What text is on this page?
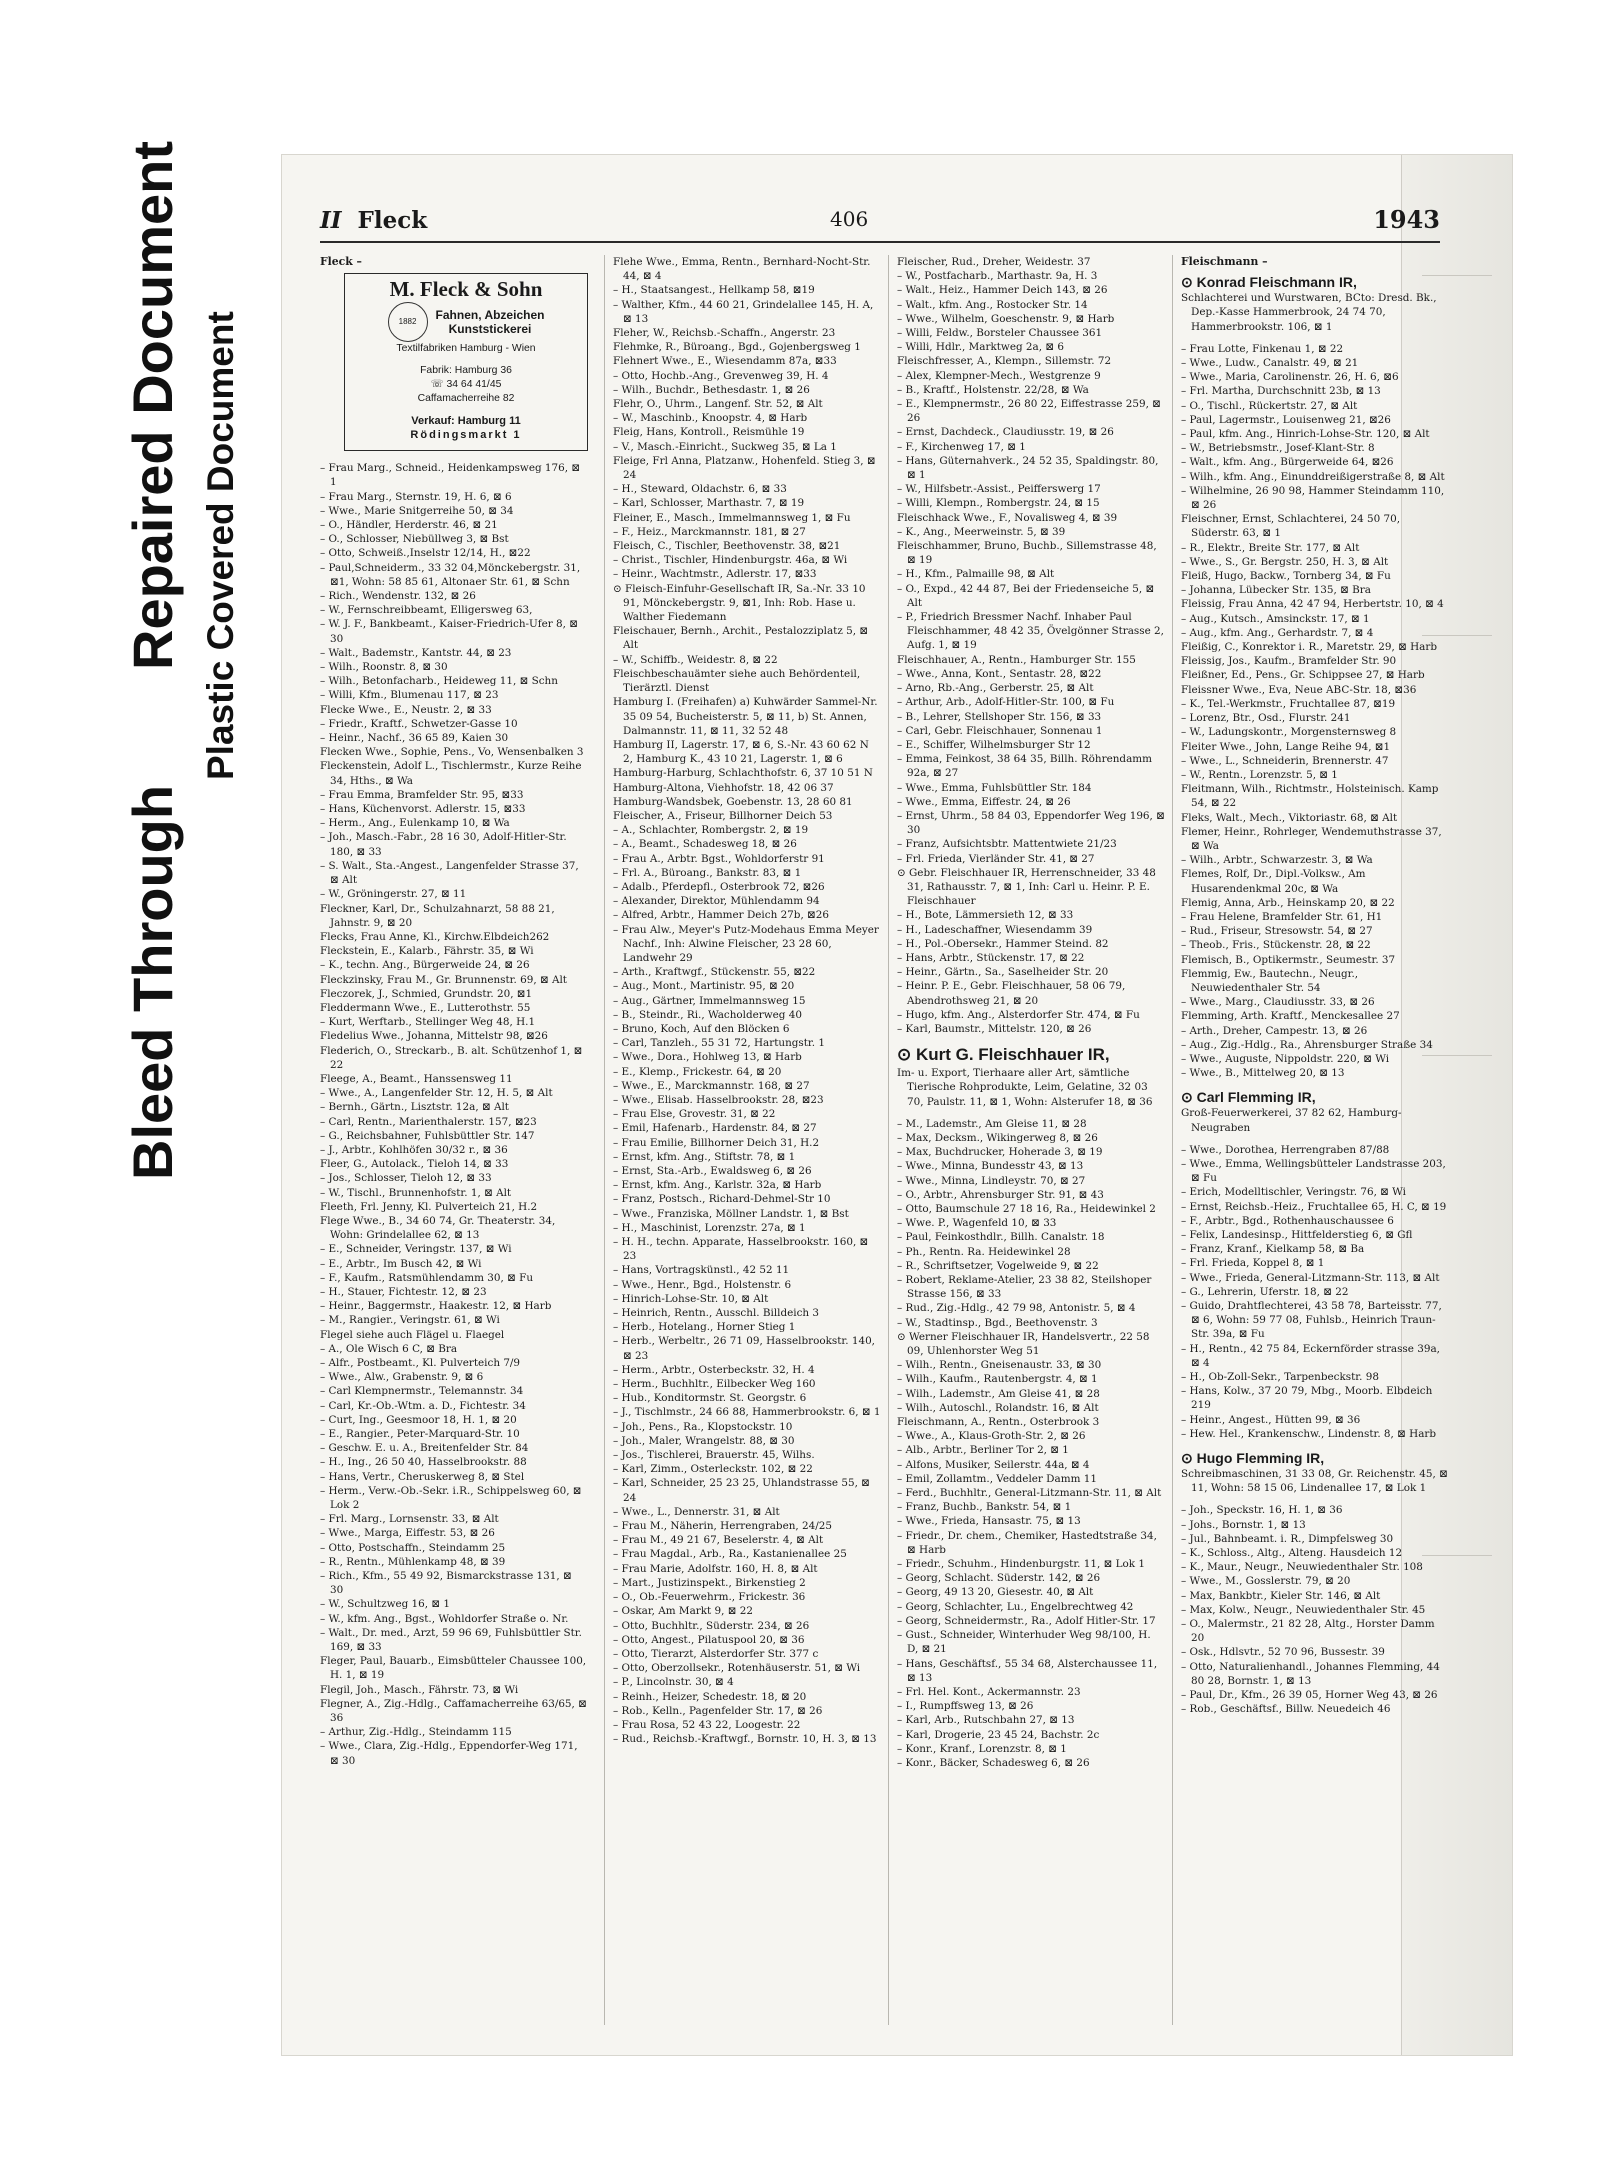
Bleed Through
Repaired Document Plastic Covered Document
II Fleck	406	1943
Fleck –
M. Fleck & Sohn
1882 Fahnen, Abzeichen
Kunststickerei
Textilfabriken Hamburg - Wien
Fabrik: Hamburg 36
☏ 34 64 41/45
Caffamacherreihe 82
Verkauf: Hamburg 11
Rödingsmarkt 1

– Frau Marg., Schneid., Heidenkampsweg 176, ⊠ 1

– Frau Marg., Sternstr. 19, H. 6, ⊠ 6

– Wwe., Marie Snitgerreihe 50, ⊠ 34

– O., Händler, Herderstr. 46, ⊠ 21

– O., Schlosser, Niebüllweg 3, ⊠ Bst

– Otto, Schweiß.,Inselstr 12/14, H., ⊠22

– Paul,Schneiderm., 33 32 04,Mönckebergstr. 31, ⊠1, Wohn: 58 85 61, Altonaer Str. 61, ⊠ Schn

– Rich., Wendenstr. 132, ⊠ 26

– W., Fernschreibbeamt, Elligersweg 63,

– W. J. F., Bankbeamt., Kaiser-Friedrich-Ufer 8, ⊠ 30

– Walt., Bademstr., Kantstr. 44, ⊠ 23

– Wilh., Roonstr. 8, ⊠ 30

– Wilh., Betonfacharb., Heideweg 11, ⊠ Schn

– Willi, Kfm., Blumenau 117, ⊠ 23

Flecke Wwe., E., Neustr. 2, ⊠ 33

– Friedr., Kraftf., Schwetzer-Gasse 10

– Heinr., Nachf., 36 65 89, Kaien 30

Flecken Wwe., Sophie, Pens., Vo, Wensenbalken 3

Fleckenstein, Adolf L., Tischlermstr., Kurze Reihe 34, Hths., ⊠ Wa

– Frau Emma, Bramfelder Str. 95, ⊠33

– Hans, Küchenvorst. Adlerstr. 15, ⊠33

– Herm., Ang., Eulenkamp 10, ⊠ Wa

– Joh., Masch.-Fabr., 28 16 30, Adolf-Hitler-Str. 180, ⊠ 33

– S. Walt., Sta.-Angest., Langenfelder Strasse 37, ⊠ Alt

– W., Gröningerstr. 27, ⊠ 11

Fleckner, Karl, Dr., Schulzahnarzt, 58 88 21, Jahnstr. 9, ⊠ 20

Flecks, Frau Anne, Kl., Kirchw.Elbdeich262

Fleckstein, E., Kalarb., Fährstr. 35, ⊠ Wi

– K., techn. Ang., Bürgerweide 24, ⊠ 26

Fleckzinsky, Frau M., Gr. Brunnenstr. 69, ⊠ Alt

Fleczorek, J., Schmied, Grundstr. 20, ⊠1

Fleddermann Wwe., E., Lutterothstr. 55

– Kurt, Werftarb., Stellinger Weg 48, H.1

Fledelius Wwe., Johanna, Mittelstr 98, ⊠26

Flederich, O., Streckarb., B. alt. Schützenhof 1, ⊠ 22

Fleege, A., Beamt., Hanssensweg 11

– Wwe., A., Langenfelder Str. 12, H. 5, ⊠ Alt

– Bernh., Gärtn., Lisztstr. 12a, ⊠ Alt

– Carl, Rentn., Marienthalerstr. 157, ⊠23

– G., Reichsbahner, Fuhlsbüttler Str. 147

– J., Arbtr., Kohlhöfen 30/32 r., ⊠ 36

Fleer, G., Autolack., Tieloh 14, ⊠ 33

– Jos., Schlosser, Tieloh 12, ⊠ 33

– W., Tischl., Brunnenhofstr. 1, ⊠ Alt

Fleeth, Frl. Jenny, Kl. Pulverteich 21, H.2

Flege Wwe., B., 34 60 74, Gr. Theaterstr. 34, Wohn: Grindelallee 62, ⊠ 13

– E., Schneider, Veringstr. 137, ⊠ Wi

– E., Arbtr., Im Busch 42, ⊠ Wi

– F., Kaufm., Ratsmühlendamm 30, ⊠ Fu

– H., Stauer, Fichtestr. 12, ⊠ 23

– Heinr., Baggermstr., Haakestr. 12, ⊠ Harb

– M., Rangier., Veringstr. 61, ⊠ Wi

Flegel siehe auch Flägel u. Flaegel

– A., Ole Wisch 6 C, ⊠ Bra

– Alfr., Postbeamt., Kl. Pulverteich 7/9

– Wwe., Alw., Grabenstr. 9, ⊠ 6

– Carl Klempnermstr., Telemannstr. 34

– Carl, Kr.-Ob.-Wtm. a. D., Fichtestr. 34

– Curt, Ing., Geesmoor 18, H. 1, ⊠ 20

– E., Rangier., Peter-Marquard-Str. 10

– Geschw. E. u. A., Breitenfelder Str. 84

– H., Ing., 26 50 40, Hasselbrookstr. 88

– Hans, Vertr., Cheruskerweg 8, ⊠ Stel

– Herm., Verw.-Ob.-Sekr. i.R., Schippelsweg 60, ⊠ Lok 2

– Frl. Marg., Lornsenstr. 33, ⊠ Alt

– Wwe., Marga, Eiffestr. 53, ⊠ 26

– Otto, Postschaffn., Steindamm 25

– R., Rentn., Mühlenkamp 48, ⊠ 39

– Rich., Kfm., 55 49 92, Bismarckstrasse 131, ⊠ 30

– W., Schultzweg 16, ⊠ 1

– W., kfm. Ang., Bgst., Wohldorfer Straße o. Nr.

– Walt., Dr. med., Arzt, 59 96 69, Fuhlsbüttler Str. 169, ⊠ 33

Fleger, Paul, Bauarb., Eimsbütteler Chaussee 100, H. 1, ⊠ 19

Flegil, Joh., Masch., Fährstr. 73, ⊠ Wi

Flegner, A., Zig.-Hdlg., Caffamacherreihe 63/65, ⊠ 36

– Arthur, Zig.-Hdlg., Steindamm 115

– Wwe., Clara, Zig.-Hdlg., Eppendorfer-Weg 171, ⊠ 30

Flehe Wwe., Emma, Rentn., Bernhard-Nocht-Str. 44, ⊠ 4

– H., Staatsangest., Hellkamp 58, ⊠19

– Walther, Kfm., 44 60 21, Grindelallee 145, H. A, ⊠ 13

Fleher, W., Reichsb.-Schaffn., Angerstr. 23

Flehmke, R., Büroang., Bgd., Gojenbergsweg 1

Flehnert Wwe., E., Wiesendamm 87a, ⊠33

– Otto, Hochb.-Ang., Grevenweg 39, H. 4

– Wilh., Buchdr., Bethesdastr. 1, ⊠ 26

Flehr, O., Uhrm., Langenf. Str. 52, ⊠ Alt

– W., Maschinb., Knoopstr. 4, ⊠ Harb

Fleig, Hans, Kontroll., Reismühle 19

– V., Masch.-Einricht., Suckweg 35, ⊠ La 1

Fleige, Frl Anna, Platzanw., Hohenfeld. Stieg 3, ⊠ 24

– H., Steward, Oldachstr. 6, ⊠ 33

– Karl, Schlosser, Marthastr. 7, ⊠ 19

Fleiner, E., Masch., Immelmannsweg 1, ⊠ Fu

– F., Heiz., Marckmannstr. 181, ⊠ 27

Fleisch, C., Tischler, Beethovenstr. 38, ⊠21

– Christ., Tischler, Hindenburgstr. 46a, ⊠ Wi

– Heinr., Wachtmstr., Adlerstr. 17, ⊠33

⊙ Fleisch-Einfuhr-Gesellschaft IR, Sa.-Nr. 33 10 91, Mönckebergstr. 9, ⊠1, Inh: Rob. Hase u. Walther Fiedemann

Fleischauer, Bernh., Archit., Pestalozziplatz 5, ⊠ Alt

– W., Schiffb., Weidestr. 8, ⊠ 22

Fleischbeschauämter siehe auch Behördenteil, Tierärztl. Dienst

Hamburg I. (Freihafen) a) Kuhwärder Sammel-Nr. 35 09 54, Bucheisterstr. 5, ⊠ 11, b) St. Annen, Dalmannstr. 11, ⊠ 11, 32 52 48

Hamburg II, Lagerstr. 17, ⊠ 6, S.-Nr. 43 60 62 N 2, Hamburg K., 43 10 21, Lagerstr. 1, ⊠ 6

Hamburg-Harburg, Schlachthofstr. 6, 37 10 51 N

Hamburg-Altona, Viehhofstr. 18, 42 06 37

Hamburg-Wandsbek, Goebenstr. 13, 28 60 81

Fleischer, A., Friseur, Billhorner Deich 53

– A., Schlachter, Rombergstr. 2, ⊠ 19

– A., Beamt., Schadesweg 18, ⊠ 26

– Frau A., Arbtr. Bgst., Wohldorferstr 91

– Frl. A., Büroang., Bankstr. 83, ⊠ 1

– Adalb., Pferdepfl., Osterbrook 72, ⊠26

– Alexander, Direktor, Mühlendamm 94

– Alfred, Arbtr., Hammer Deich 27b, ⊠26

– Frau Alw., Meyer's Putz-Modehaus Emma Meyer Nachf., Inh: Alwine Fleischer, 23 28 60, Landwehr 29

– Arth., Kraftwgf., Stückenstr. 55, ⊠22

– Aug., Mont., Martinistr. 95, ⊠ 20

– Aug., Gärtner, Immelmannsweg 15

– B., Steindr., Ri., Wacholderweg 40

– Bruno, Koch, Auf den Blöcken 6

– Carl, Tanzleh., 55 31 72, Hartungstr. 1

– Wwe., Dora., Hohlweg 13, ⊠ Harb

– E., Klemp., Frickestr. 64, ⊠ 20

– Wwe., E., Marckmannstr. 168, ⊠ 27

– Wwe., Elisab. Hasselbrookstr. 28, ⊠23

– Frau Else, Grovestr. 31, ⊠ 22

– Emil, Hafenarb., Hardenstr. 84, ⊠ 27

– Frau Emilie, Billhorner Deich 31, H.2

– Ernst, kfm. Ang., Stiftstr. 78, ⊠ 1

– Ernst, Sta.-Arb., Ewaldsweg 6, ⊠ 26

– Ernst, kfm. Ang., Karlstr. 32a, ⊠ Harb

– Franz, Postsch., Richard-Dehmel-Str 10

– Wwe., Franziska, Möllner Landstr. 1, ⊠ Bst

– H., Maschinist, Lorenzstr. 27a, ⊠ 1

– H. H., techn. Apparate, Hasselbrookstr. 160, ⊠ 23

– Hans, Vortragskünstl., 42 52 11

– Wwe., Henr., Bgd., Holstenstr. 6

– Hinrich-Lohse-Str. 10, ⊠ Alt

– Heinrich, Rentn., Ausschl. Billdeich 3

– Herb., Hotelang., Horner Stieg 1

– Herb., Werbeltr., 26 71 09, Hasselbrookstr. 140, ⊠ 23

– Herm., Arbtr., Osterbeckstr. 32, H. 4

– Herm., Buchhltr., Eilbecker Weg 160

– Hub., Konditormstr. St. Georgstr. 6

– J., Tischlmstr., 24 66 88, Hammerbrookstr. 6, ⊠ 1

– Joh., Pens., Ra., Klopstockstr. 10

– Joh., Maler, Wrangelstr. 88, ⊠ 30

– Jos., Tischlerei, Brauerstr. 45, Wilhs.

– Karl, Zimm., Osterleckstr. 102, ⊠ 22

– Karl, Schneider, 25 23 25, Uhlandstrasse 55, ⊠ 24

– Wwe., L., Dennerstr. 31, ⊠ Alt

– Frau M., Näherin, Herrengraben, 24/25

– Frau M., 49 21 67, Beselerstr. 4, ⊠ Alt

– Frau Magdal., Arb., Ra., Kastanienallee 25

– Frau Marie, Adolfstr. 160, H. 8, ⊠ Alt

– Mart., Justizinspekt., Birkenstieg 2

– O., Ob.-Feuerwehrm., Frickestr. 36

– Oskar, Am Markt 9, ⊠ 22

– Otto, Buchhltr., Süderstr. 234, ⊠ 26

– Otto, Angest., Pilatuspool 20, ⊠ 36

– Otto, Tierarzt, Alsterdorfer Str. 377 c

– Otto, Oberzollsekr., Rotenhäuserstr. 51, ⊠ Wi

– P., Lincolnstr. 30, ⊠ 4

– Reinh., Heizer, Schedestr. 18, ⊠ 20

– Rob., Kelln., Pagenfelder Str. 17, ⊠ 26

– Frau Rosa, 52 43 22, Loogestr. 22

– Rud., Reichsb.-Kraftwgf., Bornstr. 10, H. 3, ⊠ 13

Fleischer, Rud., Dreher, Weidestr. 37

– W., Postfacharb., Marthastr. 9a, H. 3

– Walt., Heiz., Hammer Deich 143, ⊠ 26

– Walt., kfm. Ang., Rostocker Str. 14

– Wwe., Wilhelm, Goeschenstr. 9, ⊠ Harb

– Willi, Feldw., Borsteler Chaussee 361

– Willi, Hdlr., Marktweg 2a, ⊠ 6

Fleischfresser, A., Klempn., Sillemstr. 72

– Alex, Klempner-Mech., Westgrenze 9

– B., Kraftf., Holstenstr. 22/28, ⊠ Wa

– E., Klempnermstr., 26 80 22, Eiffestrasse 259, ⊠ 26

– Ernst, Dachdeck., Claudiusstr. 19, ⊠ 26

– F., Kirchenweg 17, ⊠ 1

– Hans, Güternahverk., 24 52 35, Spaldingstr. 80, ⊠ 1

– W., Hilfsbetr.-Assist., Peifferswerg 17

– Willi, Klempn., Rombergstr. 24, ⊠ 15

Fleischhack Wwe., F., Novalisweg 4, ⊠ 39

– K., Ang., Meerweinstr. 5, ⊠ 39

Fleischhammer, Bruno, Buchb., Sillemstrasse 48, ⊠ 19

– H., Kfm., Palmaille 98, ⊠ Alt

– O., Expd., 42 44 87, Bei der Friedenseiche 5, ⊠ Alt

– P., Friedrich Bressmer Nachf. Inhaber Paul Fleischhammer, 48 42 35, Övelgönner Strasse 2, Aufg. 1, ⊠ 19

Fleischhauer, A., Rentn., Hamburger Str. 155

– Wwe., Anna, Kont., Sentastr. 28, ⊠22

– Arno, Rb.-Ang., Gerberstr. 25, ⊠ Alt

– Arthur, Arb., Adolf-Hitler-Str. 100, ⊠ Fu

– B., Lehrer, Stellshoper Str. 156, ⊠ 33

– Carl, Gebr. Fleischhauer, Sonnenau 1

– E., Schiffer, Wilhelmsburger Str 12

– Emma, Feinkost, 38 64 35, Billh. Röhrendamm 92a, ⊠ 27

– Wwe., Emma, Fuhlsbüttler Str. 184

– Wwe., Emma, Eiffestr. 24, ⊠ 26

– Ernst, Uhrm., 58 84 03, Eppendorfer Weg 196, ⊠ 30

– Franz, Aufsichtsbtr. Mattentwiete 21/23

– Frl. Frieda, Vierländer Str. 41, ⊠ 27

⊙ Gebr. Fleischhauer IR, Herrenschneider, 33 48 31, Rathausstr. 7, ⊠ 1, Inh: Carl u. Heinr. P. E. Fleischhauer

– H., Bote, Lämmersieth 12, ⊠ 33

– H., Ladeschaffner, Wiesendamm 39

– H., Pol.-Obersekr., Hammer Steind. 82

– Hans, Arbtr., Stückenstr. 17, ⊠ 22

– Heinr., Gärtn., Sa., Saselheider Str. 20

– Heinr. P. E., Gebr. Fleischhauer, 58 06 79, Abendrothsweg 21, ⊠ 20

– Hugo, kfm. Ang., Alsterdorfer Str. 474, ⊠ Fu

– Karl, Baumstr., Mittelstr. 120, ⊠ 26

⊙ Kurt G. Fleischhauer IR,
Im- u. Export, Tierhaare aller Art, sämtliche Tierische Rohprodukte, Leim, Gelatine, 32 03 70, Paulstr. 11, ⊠ 1, Wohn: Alsterufer 18, ⊠ 36

– M., Lademstr., Am Gleise 11, ⊠ 28

– Max, Decksm., Wikingerweg 8, ⊠ 26

– Max, Buchdrucker, Hoherade 3, ⊠ 19

– Wwe., Minna, Bundesstr 43, ⊠ 13

– Wwe., Minna, Lindleystr. 70, ⊠ 27

– O., Arbtr., Ahrensburger Str. 91, ⊠ 43

– Otto, Baumschule 27 18 16, Ra., Heidewinkel 2

– Wwe. P., Wagenfeld 10, ⊠ 33

– Paul, Feinkosthdlr., Billh. Canalstr. 18

– Ph., Rentn. Ra. Heidewinkel 28

– R., Schriftsetzer, Vogelweide 9, ⊠ 22

– Robert, Reklame-Atelier, 23 38 82, Steilshoper Strasse 156, ⊠ 33

– Rud., Zig.-Hdlg., 42 79 98, Antonistr. 5, ⊠ 4

– W., Stadtinsp., Bgd., Beethovenstr. 3

⊙ Werner Fleischhauer IR, Handelsvertr., 22 58 09, Uhlenhorster Weg 51

– Wilh., Rentn., Gneisenaustr. 33, ⊠ 30

– Wilh., Kaufm., Rautenbergstr. 4, ⊠ 1

– Wilh., Lademstr., Am Gleise 41, ⊠ 28

– Wilh., Autoschl., Rolandstr. 16, ⊠ Alt

Fleischmann, A., Rentn., Osterbrook 3

– Wwe., A., Klaus-Groth-Str. 2, ⊠ 26

– Alb., Arbtr., Berliner Tor 2, ⊠ 1

– Alfons, Musiker, Seilerstr. 44a, ⊠ 4

– Emil, Zollamtm., Veddeler Damm 11

– Ferd., Buchhltr., General-Litzmann-Str. 11, ⊠ Alt

– Franz, Buchb., Bankstr. 54, ⊠ 1

– Wwe., Frieda, Hansastr. 75, ⊠ 13

– Friedr., Dr. chem., Chemiker, Hastedtstraße 34, ⊠ Harb

– Friedr., Schuhm., Hindenburgstr. 11, ⊠ Lok 1

– Georg, Schlacht. Süderstr. 142, ⊠ 26

– Georg, 49 13 20, Giesestr. 40, ⊠ Alt

– Georg, Schlachter, Lu., Engelbrechtweg 42

– Georg, Schneidermstr., Ra., Adolf Hitler-Str. 17

– Gust., Schneider, Winterhuder Weg 98/100, H. D, ⊠ 21

– Hans, Geschäftsf., 55 34 68, Alsterchaussee 11, ⊠ 13

– Frl. Hel. Kont., Ackermannstr. 23

– I., Rumpffsweg 13, ⊠ 26

– Karl, Arb., Rutschbahn 27, ⊠ 13

– Karl, Drogerie, 23 45 24, Bachstr. 2c

– Konr., Kranf., Lorenzstr. 8, ⊠ 1

– Konr., Bäcker, Schadesweg 6, ⊠ 26

Fleischmann –
⊙ Konrad Fleischmann IR,
Schlachterei und Wurstwaren, BCto: Dresd. Bk., Dep.-Kasse Hammerbrook, 24 74 70, Hammerbrookstr. 106, ⊠ 1

– Frau Lotte, Finkenau 1, ⊠ 22

– Wwe., Ludw., Canalstr. 49, ⊠ 21

– Wwe., Maria, Carolinenstr. 26, H. 6, ⊠6

– Frl. Martha, Durchschnitt 23b, ⊠ 13

– O., Tischl., Rückertstr. 27, ⊠ Alt

– Paul, Lagermstr., Louisenweg 21, ⊠26

– Paul, kfm. Ang., Hinrich-Lohse-Str. 120, ⊠ Alt

– W., Betriebsmstr., Josef-Klant-Str. 8

– Walt., kfm. Ang., Bürgerweide 64, ⊠26

– Wilh., kfm. Ang., Einunddreißigerstraße 8, ⊠ Alt

– Wilhelmine, 26 90 98, Hammer Steindamm 110, ⊠ 26

Fleischner, Ernst, Schlachterei, 24 50 70, Süderstr. 63, ⊠ 1

– R., Elektr., Breite Str. 177, ⊠ Alt

– Wwe., S., Gr. Bergstr. 250, H. 3, ⊠ Alt

Fleiß, Hugo, Backw., Tornberg 34, ⊠ Fu

– Johanna, Lübecker Str. 135, ⊠ Bra

Fleissig, Frau Anna, 42 47 94, Herbertstr. 10, ⊠ 4

– Aug., Kutsch., Amsinckstr. 17, ⊠ 1

– Aug., kfm. Ang., Gerhardstr. 7, ⊠ 4

Fleißig, C., Konrektor i. R., Maretstr. 29, ⊠ Harb

Fleissig, Jos., Kaufm., Bramfelder Str. 90

Fleißner, Ed., Pens., Gr. Schippsee 27, ⊠ Harb

Fleissner Wwe., Eva, Neue ABC-Str. 18, ⊠36

– K., Tel.-Werkmstr., Fruchtallee 87, ⊠19

– Lorenz, Btr., Osd., Flurstr. 241

– W., Ladungskontr., Morgensternsweg 8

Fleiter Wwe., John, Lange Reihe 94, ⊠1

– Wwe., L., Schneiderin, Brennerstr. 47

– W., Rentn., Lorenzstr. 5, ⊠ 1

Fleitmann, Wilh., Richtmstr., Holsteinisch. Kamp 54, ⊠ 22

Fleks, Walt., Mech., Viktoriastr. 68, ⊠ Alt

Flemer, Heinr., Rohrleger, Wendemuthstrasse 37, ⊠ Wa

– Wilh., Arbtr., Schwarzestr. 3, ⊠ Wa

Flemes, Rolf, Dr., Dipl.-Volksw., Am Husarendenkmal 20c, ⊠ Wa

Flemig, Anna, Arb., Heinskamp 20, ⊠ 22

– Frau Helene, Bramfelder Str. 61, H1

– Rud., Friseur, Stresowstr. 54, ⊠ 27

– Theob., Fris., Stückenstr. 28, ⊠ 22

Flemisch, B., Optikermstr., Seumestr. 37

Flemmig, Ew., Bautechn., Neugr., Neuwiedenthaler Str. 54

– Wwe., Marg., Claudiusstr. 33, ⊠ 26

Flemming, Arth. Kraftf., Menckesallee 27

– Arth., Dreher, Campestr. 13, ⊠ 26

– Aug., Zig.-Hdlg., Ra., Ahrensburger Straße 34

– Wwe., Auguste, Nippoldstr. 220, ⊠ Wi

– Wwe., B., Mittelweg 20, ⊠ 13

⊙ Carl Flemming IR,
Groß-Feuerwerkerei, 37 82 62, Hamburg-Neugraben

– Wwe., Dorothea, Herrengraben 87/88

– Wwe., Emma, Wellingsbütteler Landstrasse 203, ⊠ Fu

– Erich, Modelltischler, Veringstr. 76, ⊠ Wi

– Ernst, Reichsb.-Heiz., Fruchtallee 65, H. C, ⊠ 19

– F., Arbtr., Bgd., Rothenhauschaussee 6

– Felix, Landesinsp., Hittfelderstieg 6, ⊠ Gfl

– Franz, Kranf., Kielkamp 58, ⊠ Ba

– Frl. Frieda, Koppel 8, ⊠ 1

– Wwe., Frieda, General-Litzmann-Str. 113, ⊠ Alt

– G., Lehrerin, Uferstr. 18, ⊠ 22

– Guido, Drahtflechterei, 43 58 78, Barteisstr. 77, ⊠ 6, Wohn: 59 77 08, Fuhlsb., Heinrich Traun-Str. 39a, ⊠ Fu

– H., Rentn., 42 75 84, Eckernförder strasse 39a, ⊠ 4

– H., Ob-Zoll-Sekr., Tarpenbeckstr. 98

– Hans, Kolw., 37 20 79, Mbg., Moorb. Elbdeich 219

– Heinr., Angest., Hütten 99, ⊠ 36

– Hew. Hel., Krankenschw., Lindenstr. 8, ⊠ Harb

⊙ Hugo Flemming IR,
Schreibmaschinen, 31 33 08, Gr. Reichenstr. 45, ⊠ 11, Wohn: 58 15 06, Lindenallee 17, ⊠ Lok 1

– Joh., Speckstr. 16, H. 1, ⊠ 36

– Johs., Bornstr. 1, ⊠ 13

– Jul., Bahnbeamt. i. R., Dimpfelsweg 30

– K., Schloss., Altg., Alteng. Hausdeich 12

– K., Maur., Neugr., Neuwiedenthaler Str. 108

– Wwe., M., Gosslerstr. 79, ⊠ 20

– Max, Bankbtr., Kieler Str. 146, ⊠ Alt

– Max, Kolw., Neugr., Neuwiedenthaler Str. 45

– O., Malermstr., 21 82 28, Altg., Horster Damm 20

– Osk., Hdlsvtr., 52 70 96, Bussestr. 39

– Otto, Naturalienhandl., Johannes Flemming, 44 80 28, Bornstr. 1, ⊠ 13

– Paul, Dr., Kfm., 26 39 05, Horner Weg 43, ⊠ 26

– Rob., Geschäftsf., Billw. Neuedeich 46
